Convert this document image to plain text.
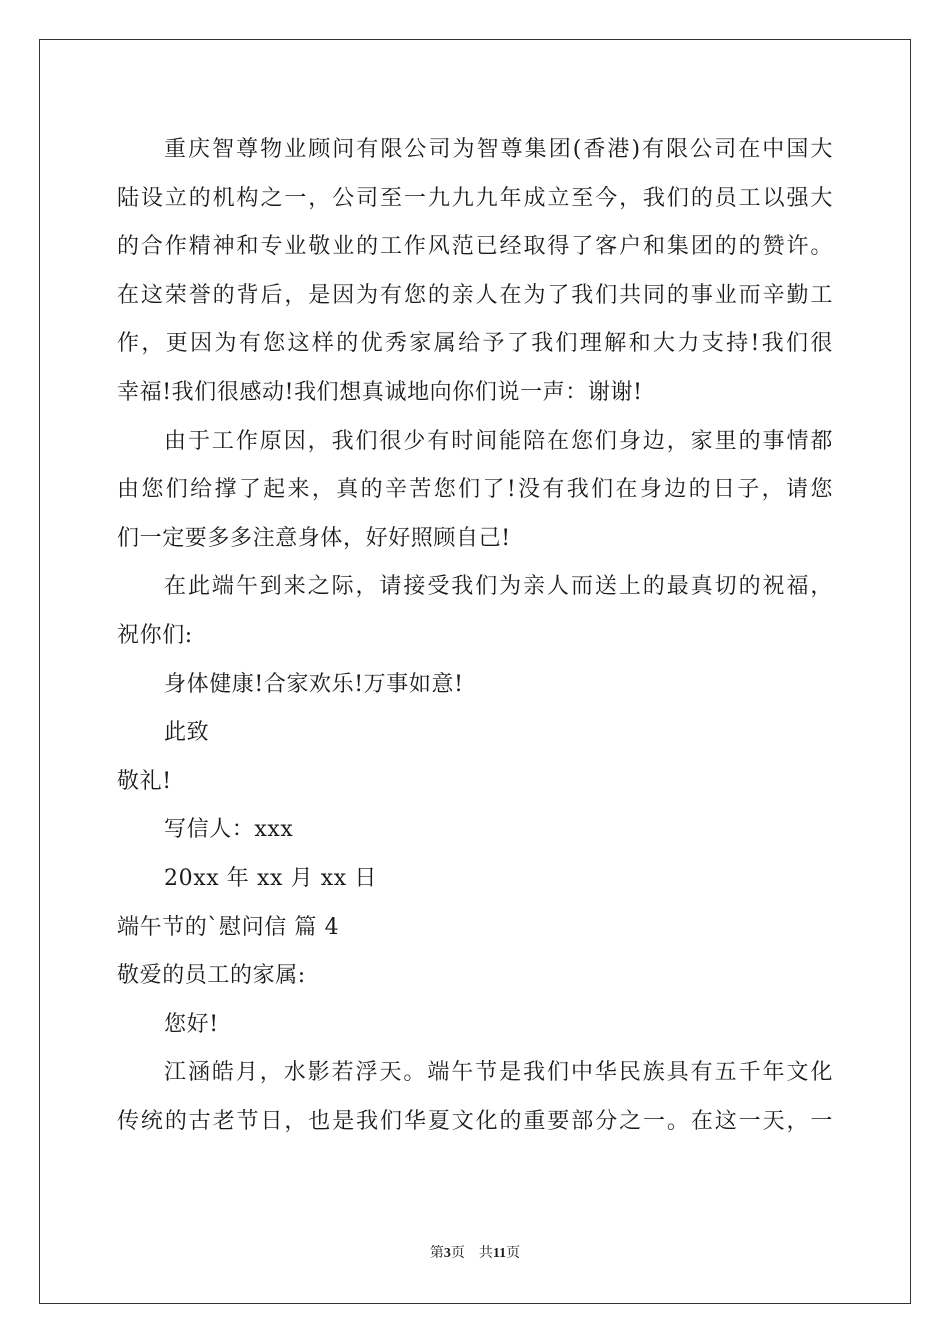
重庆智尊物业顾问有限公司为智尊集团(香港)有限公司在中国大
陆设立的机构之一，公司至一九九九年成立至今，我们的员工以强大
的合作精神和专业敬业的工作风范已经取得了客户和集团的的赞许。
在这荣誉的背后，是因为有您的亲人在为了我们共同的事业而辛勤工
作，更因为有您这样的优秀家属给予了我们理解和大力支持!我们很
幸福!我们很感动!我们想真诚地向你们说一声：谢谢!
由于工作原因，我们很少有时间能陪在您们身边，家里的事情都
由您们给撑了起来，真的辛苦您们了!没有我们在身边的日子，请您
们一定要多多注意身体，好好照顾自己!
在此端午到来之际，请接受我们为亲人而送上的最真切的祝福，
祝你们:
身体健康!合家欢乐!万事如意!
此致
敬礼!
写信人：xxx
20xx 年 xx 月 xx 日
端午节的`慰问信 篇 4
敬爱的员工的家属:
您好!
江涵皓月，水影若浮天。端午节是我们中华民族具有五千年文化
传统的古老节日，也是我们华夏文化的重要部分之一。在这一天，一
第3页 共11页
